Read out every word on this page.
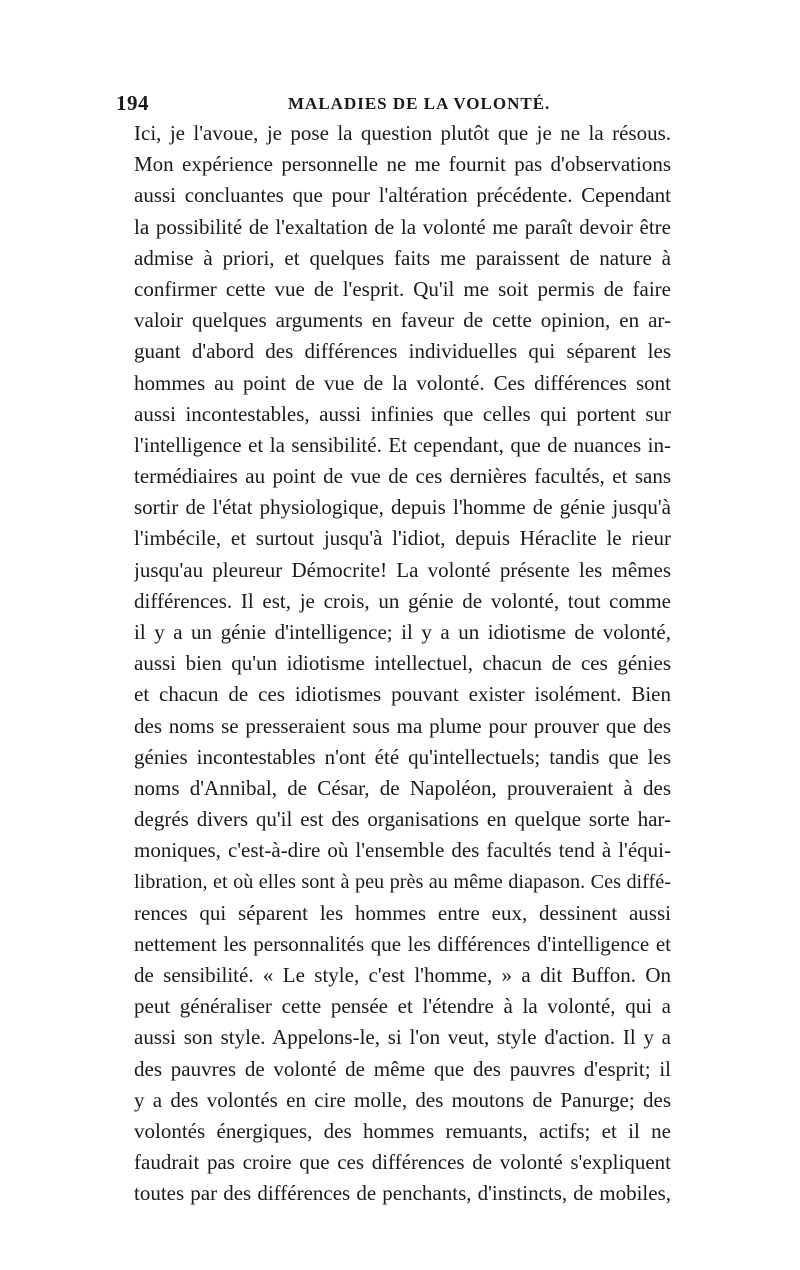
194	MALADIES DE LA VOLONTÉ.
Ici, je l'avoue, je pose la question plutôt que je ne la résous.
Mon expérience personnelle ne me fournit pas d'observations
aussi concluantes que pour l'altération précédente. Cependant
la possibilité de l'exaltation de la volonté me paraît devoir être
admise à priori, et quelques faits me paraissent de nature à
confirmer cette vue de l'esprit. Qu'il me soit permis de faire
valoir quelques arguments en faveur de cette opinion, en ar-
guant d'abord des différences individuelles qui séparent les
hommes au point de vue de la volonté. Ces différences sont
aussi incontestables, aussi infinies que celles qui portent sur
l'intelligence et la sensibilité. Et cependant, que de nuances in-
termédiaires au point de vue de ces dernières facultés, et sans
sortir de l'état physiologique, depuis l'homme de génie jusqu'à
l'imbécile, et surtout jusqu'à l'idiot, depuis Héraclite le rieur
jusqu'au pleureur Démocrite! La volonté présente les mêmes
différences. Il est, je crois, un génie de volonté, tout comme
il y a un génie d'intelligence; il y a un idiotisme de volonté,
aussi bien qu'un idiotisme intellectuel, chacun de ces génies
et chacun de ces idiotismes pouvant exister isolément. Bien
des noms se presseraient sous ma plume pour prouver que des
génies incontestables n'ont été qu'intellectuels; tandis que les
noms d'Annibal, de César, de Napoléon, prouveraient à des
degrés divers qu'il est des organisations en quelque sorte har-
moniques, c'est-à-dire où l'ensemble des facultés tend à l'équi-
libration, et où elles sont à peu près au même diapason. Ces diffé-
rences qui séparent les hommes entre eux, dessinent aussi
nettement les personnalités que les différences d'intelligence et
de sensibilité. « Le style, c'est l'homme, » a dit Buffon. On
peut généraliser cette pensée et l'étendre à la volonté, qui a
aussi son style. Appelons-le, si l'on veut, style d'action. Il y a
des pauvres de volonté de même que des pauvres d'esprit; il
y a des volontés en cire molle, des moutons de Panurge; des
volontés énergiques, des hommes remuants, actifs; et il ne
faudrait pas croire que ces différences de volonté s'expliquent
toutes par des différences de penchants, d'instincts, de mobiles,
